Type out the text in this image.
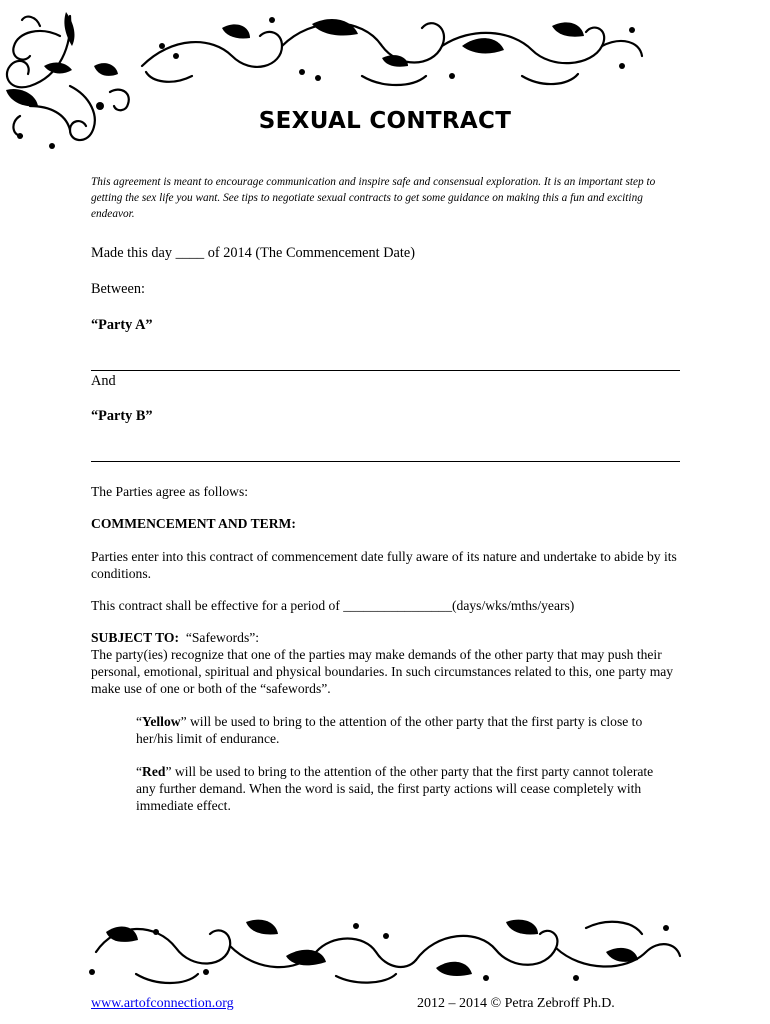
SEXUAL CONTRACT
This agreement is meant to encourage communication and inspire safe and consensual exploration. It is an important step to getting the sex life you want. See tips to negotiate sexual contracts to get some guidance on making this a fun and exciting endeavor.
Made this day ____ of 2014 (The Commencement Date)
Between:
“Party A”
And
“Party B”
The Parties agree as follows:
COMMENCEMENT AND TERM:
Parties enter into this contract of commencement date fully aware of its nature and undertake to abide by its conditions.
This contract shall be effective for a period of ________________(days/wks/mths/years)
SUBJECT TO: “Safewords”:
The party(ies) recognize that one of the parties may make demands of the other party that may push their personal, emotional, spiritual and physical boundaries. In such circumstances related to this, one party may make use of one or both of the “safewords”.
“Yellow” will be used to bring to the attention of the other party that the first party is close to her/his limit of endurance.
“Red” will be used to bring to the attention of the other party that the first party cannot tolerate any further demand. When the word is said, the first party actions will cease completely with immediate effect.
www.artofconnection.org	2012 – 2014 © Petra Zebroff Ph.D.
